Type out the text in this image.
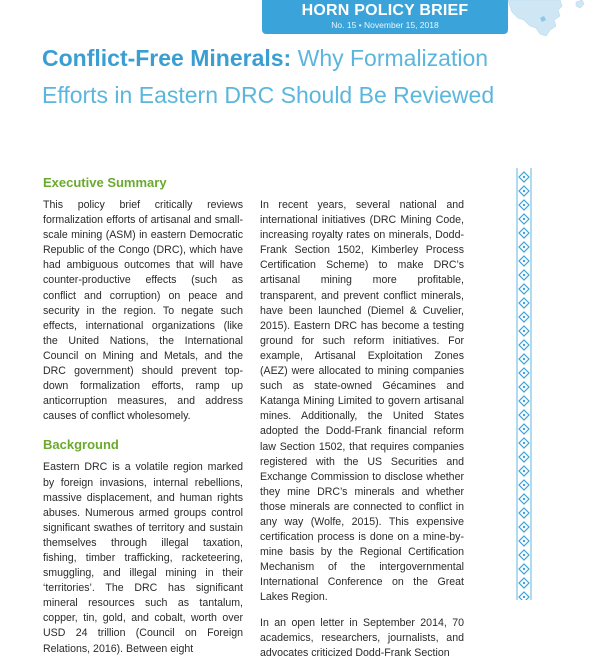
HORN POLICY BRIEF
No. 15 • November 15, 2018
Conflict-Free Minerals: Why Formalization Efforts in Eastern DRC Should Be Reviewed
Executive Summary

This policy brief critically reviews formalization efforts of artisanal and small-scale mining (ASM) in eastern Democratic Republic of the Congo (DRC), which have had ambiguous outcomes that will have counter-productive effects (such as conflict and corruption) on peace and security in the region. To negate such effects, international organizations (like the United Nations, the International Council on Mining and Metals, and the DRC government) should prevent top-down formalization efforts, ramp up anticorruption measures, and address causes of conflict wholesomely.

Background

Eastern DRC is a volatile region marked by foreign invasions, internal rebellions, massive displacement, and human rights abuses. Numerous armed groups control significant swathes of territory and sustain themselves through illegal taxation, fishing, timber trafficking, racketeering, smuggling, and illegal mining in their ‘territories’. The DRC has significant mineral resources such as tantalum, copper, tin, gold, and cobalt, worth over USD 24 trillion (Council on Foreign Relations, 2016). Between eight

In recent years, several national and international initiatives (DRC Mining Code, increasing royalty rates on minerals, Dodd-Frank Section 1502, Kimberley Process Certification Scheme) to make DRC’s artisanal mining more profitable, transparent, and prevent conflict minerals, have been launched (Diemel & Cuvelier, 2015). Eastern DRC has become a testing ground for such reform initiatives. For example, Artisanal Exploitation Zones (AEZ) were allocated to mining companies such as state-owned Gécamines and Katanga Mining Limited to govern artisanal mines. Additionally, the United States adopted the Dodd-Frank financial reform law Section 1502, that requires companies registered with the US Securities and Exchange Commission to disclose whether they mine DRC’s minerals and whether those minerals are connected to conflict in any way (Wolfe, 2015). This expensive certification process is done on a mine-by-mine basis by the Regional Certification Mechanism of the intergovernmental International Conference on the Great Lakes Region.

In an open letter in September 2014, 70 academics, researchers, journalists, and advocates criticized Dodd-Frank Section
